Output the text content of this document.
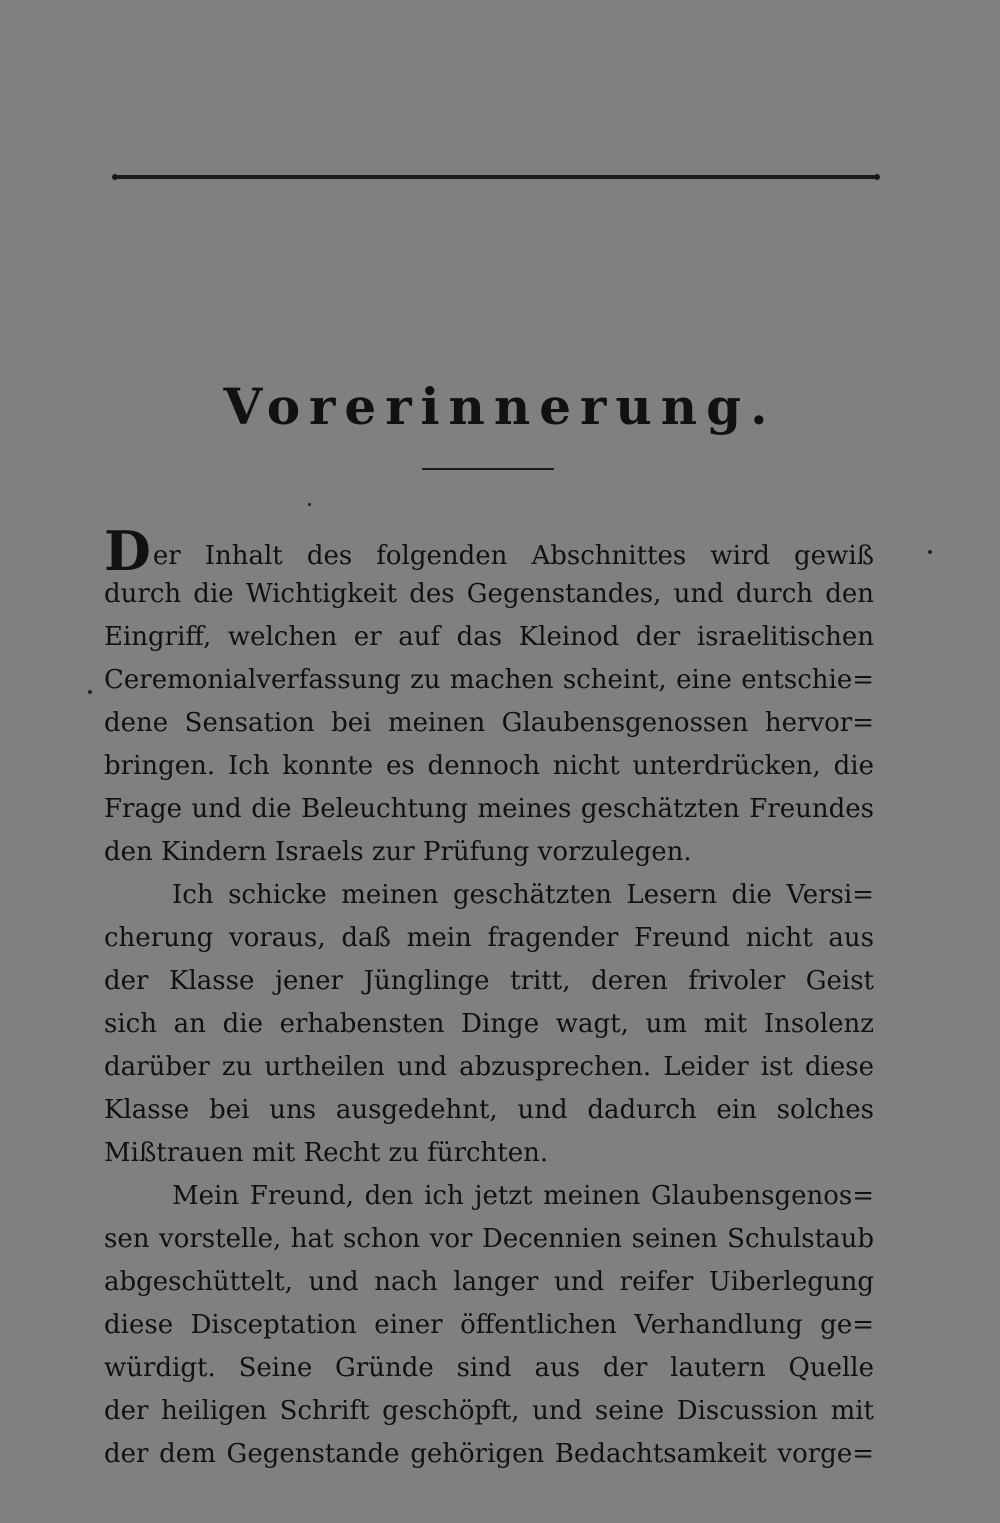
Vorerinnerung.
Der Inhalt des folgenden Abschnittes wird gewiß
durch die Wichtigkeit des Gegenstandes, und durch den
Eingriff, welchen er auf das Kleinod der israelitischen
Ceremonialverfassung zu machen scheint, eine entschie=
dene Sensation bei meinen Glaubensgenossen hervor=
bringen. Ich konnte es dennoch nicht unterdrücken, die
Frage und die Beleuchtung meines geschätzten Freundes
den Kindern Israels zur Prüfung vorzulegen.
Ich schicke meinen geschätzten Lesern die Versi=
cherung voraus, daß mein fragender Freund nicht aus
der Klasse jener Jünglinge tritt, deren frivoler Geist
sich an die erhabensten Dinge wagt, um mit Insolenz
darüber zu urtheilen und abzusprechen. Leider ist diese
Klasse bei uns ausgedehnt, und dadurch ein solches
Mißtrauen mit Recht zu fürchten.
Mein Freund, den ich jetzt meinen Glaubensgenos=
sen vorstelle, hat schon vor Decennien seinen Schulstaub
abgeschüttelt, und nach langer und reifer Uiberlegung
diese Disceptation einer öffentlichen Verhandlung ge=
würdigt. Seine Gründe sind aus der lautern Quelle
der heiligen Schrift geschöpft, und seine Discussion mit
der dem Gegenstande gehörigen Bedachtsamkeit vorge=
